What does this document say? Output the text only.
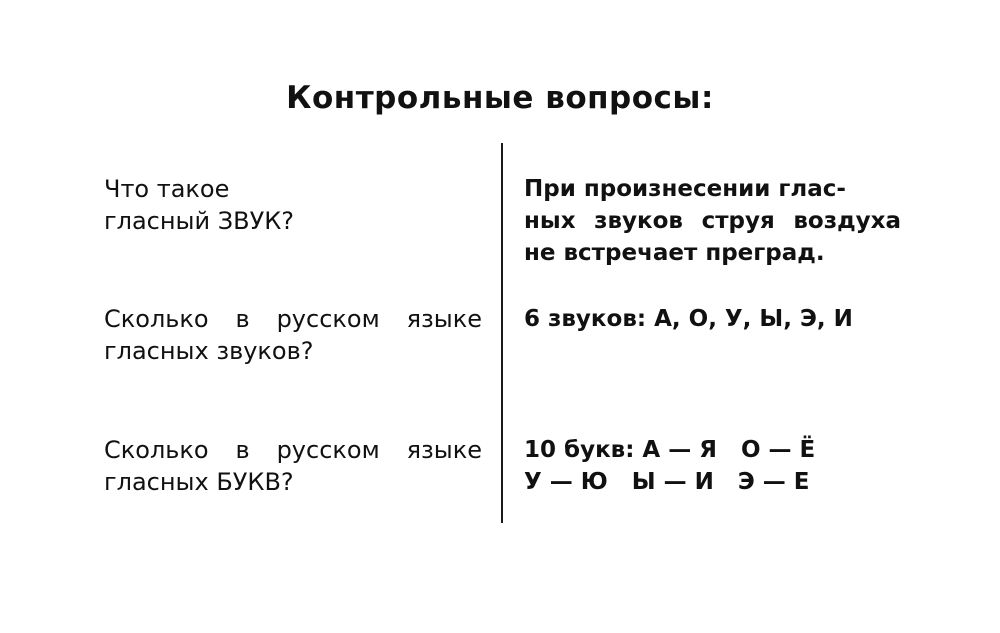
Контрольные вопросы:
Что такое
гласный ЗВУК?
При произнесении глас-
ных звуков струя воздуха не встречает преград.
Сколько в русском языке гласных звуков?
6 звуков: А, О, У, Ы, Э, И
Сколько в русском языке гласных БУКВ?
10 букв: А — Я   О — Ё
У — Ю   Ы — И   Э — Е
